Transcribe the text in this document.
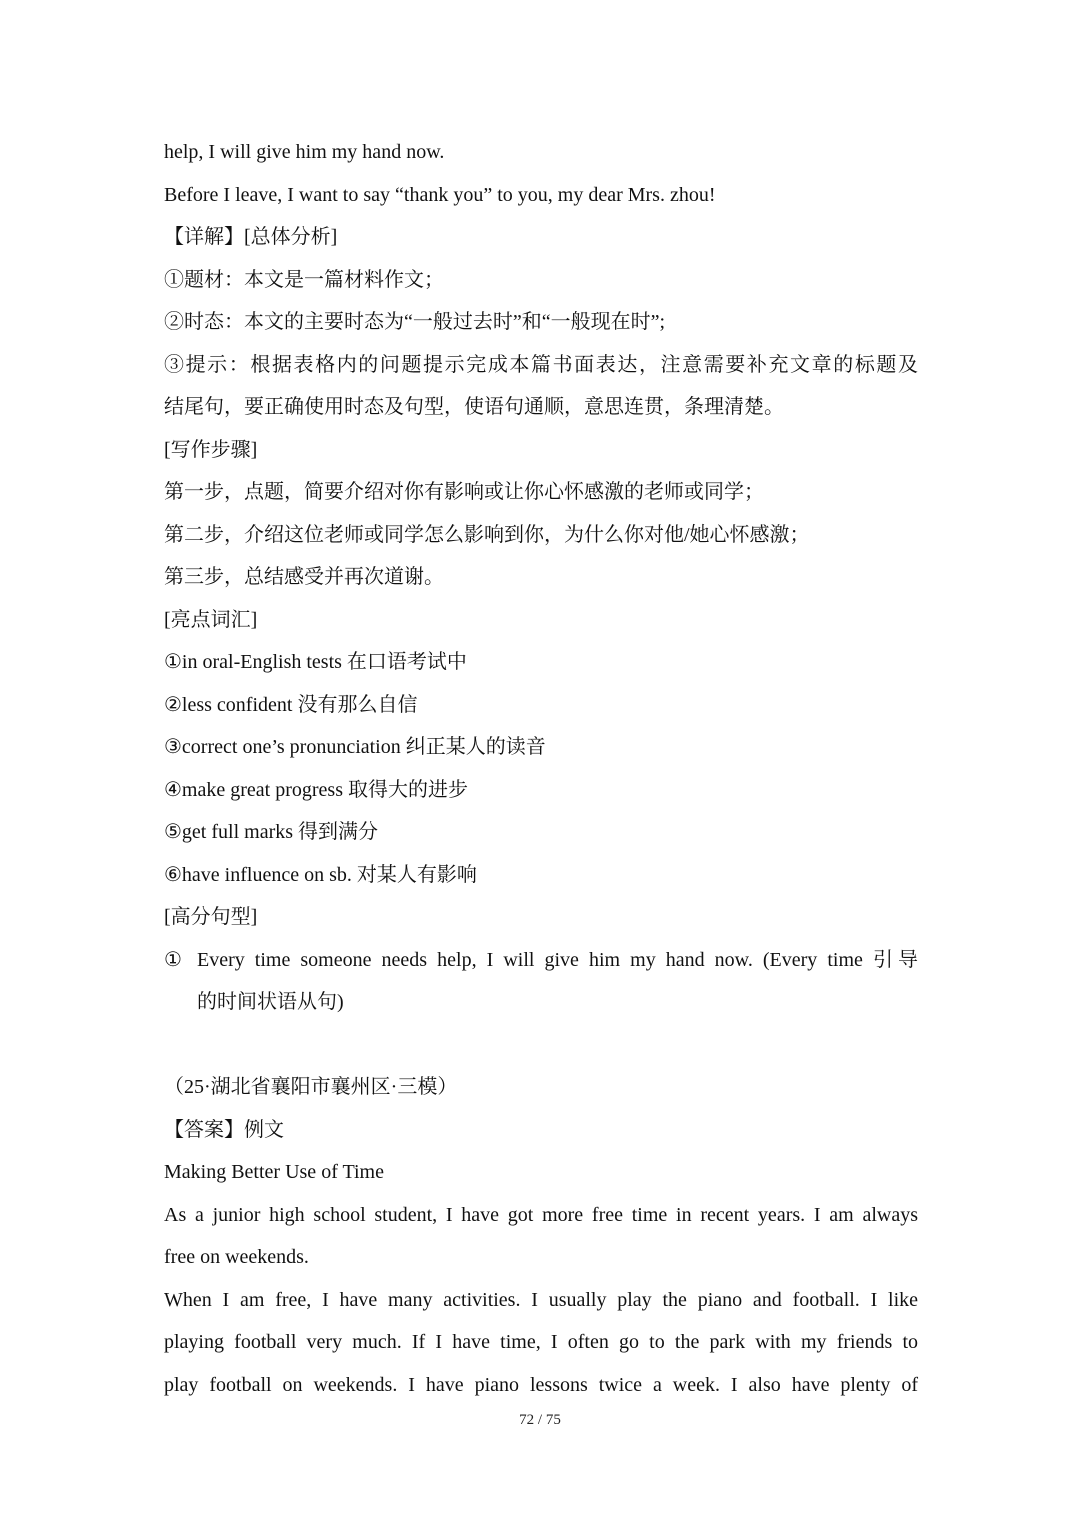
help, I will give him my hand now.
Before I leave, I want to say “thank you” to you, my dear Mrs. zhou!
【详解】[总体分析]
①题材：本文是一篇材料作文；
②时态：本文的主要时态为“一般过去时”和“一般现在时”;
③提示：根据表格内的问题提示完成本篇书面表达，注意需要补充文章的标题及
结尾句，要正确使用时态及句型，使语句通顺，意思连贯，条理清楚。
[写作步骤]
第一步，点题，简要介绍对你有影响或让你心怀感激的老师或同学；
第二步，介绍这位老师或同学怎么影响到你，为什么你对他/她心怀感激；
第三步，总结感受并再次道谢。
[亮点词汇]
①in oral-English tests 在口语考试中
②less confident 没有那么自信
③correct one’s pronunciation 纠正某人的读音
④make great progress 取得大的进步
⑤get full marks 得到满分
⑥have influence on sb. 对某人有影响
[高分句型]
① Every time someone needs help, I will give him my hand now. (Every time 引导
的时间状语从句)
（25·湖北省襄阳市襄州区·三模）
【答案】例文
Making Better Use of Time
As a junior high school student, I have got more free time in recent years. I am always
free on weekends.
When I am free, I have many activities. I usually play the piano and football. I like
playing football very much. If I have time, I often go to the park with my friends to
play football on weekends. I have piano lessons twice a week. I also have plenty of
72 / 75
